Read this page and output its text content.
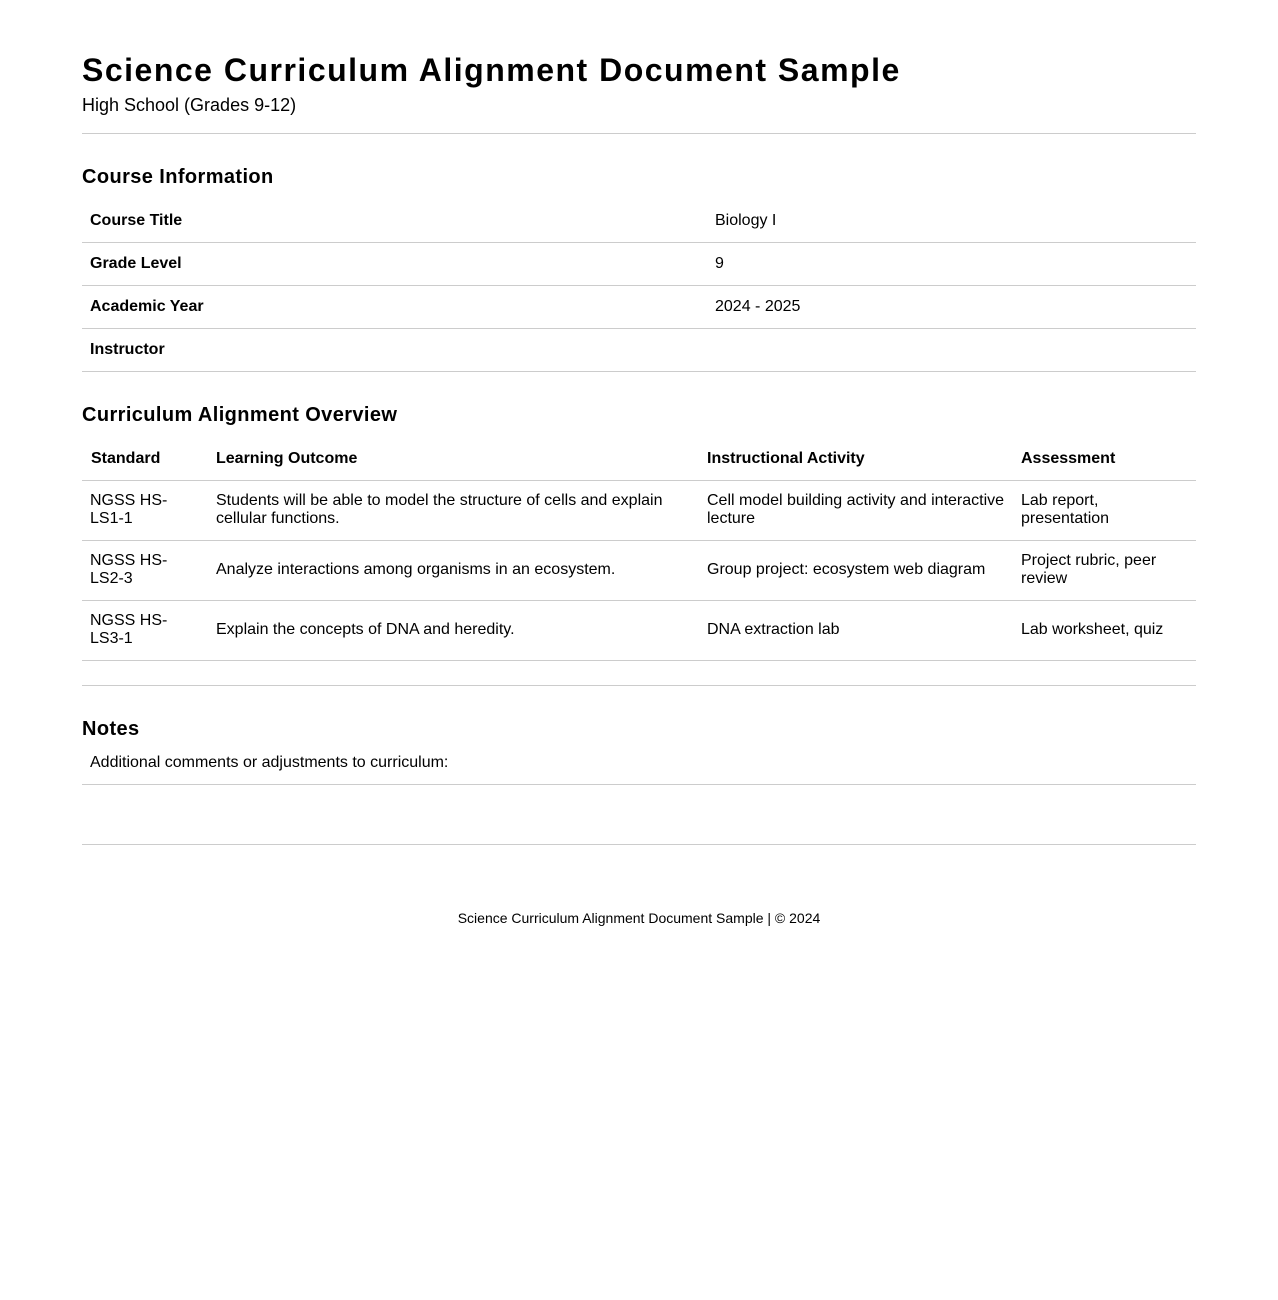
Science Curriculum Alignment Document Sample

High School (Grades 9-12)

Course Information
Course Title	Biology I
Grade Level	9
Academic Year	2024 - 2025
Instructor	
Curriculum Alignment Overview
Standard	Learning Outcome	Instructional Activity	Assessment
NGSS HS-LS1-1	Students will be able to model the structure of cells and explain cellular functions.	Cell model building activity and interactive lecture	Lab report, presentation
NGSS HS-LS2-3	Analyze interactions among organisms in an ecosystem.	Group project: ecosystem web diagram	Project rubric, peer review
NGSS HS-LS3-1	Explain the concepts of DNA and heredity.	DNA extraction lab	Lab worksheet, quiz
Notes
Additional comments or adjustments to curriculum:
Science Curriculum Alignment Document Sample | © 2024
